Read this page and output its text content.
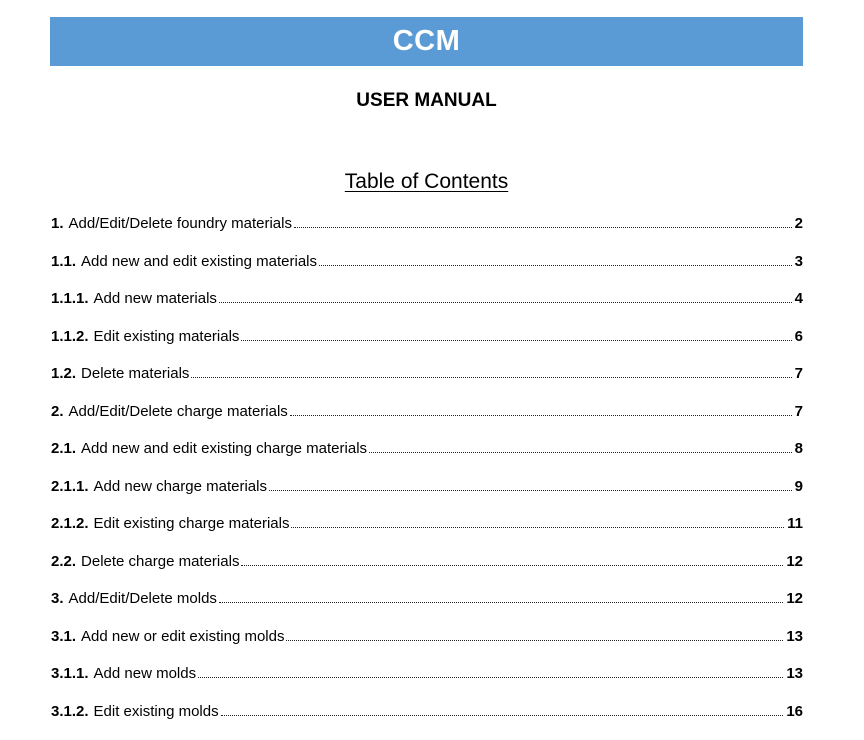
CCM
USER MANUAL
Table of Contents
1. Add/Edit/Delete foundry materials	2
1.1. Add new and edit existing materials	3
1.1.1. Add new materials	4
1.1.2. Edit existing materials	6
1.2. Delete materials	7
2. Add/Edit/Delete charge materials	7
2.1. Add new and edit existing charge materials	8
2.1.1. Add new charge materials	9
2.1.2. Edit existing charge materials	11
2.2. Delete charge materials	12
3. Add/Edit/Delete molds	12
3.1. Add new or edit existing molds	13
3.1.1. Add new molds	13
3.1.2. Edit existing molds	16
